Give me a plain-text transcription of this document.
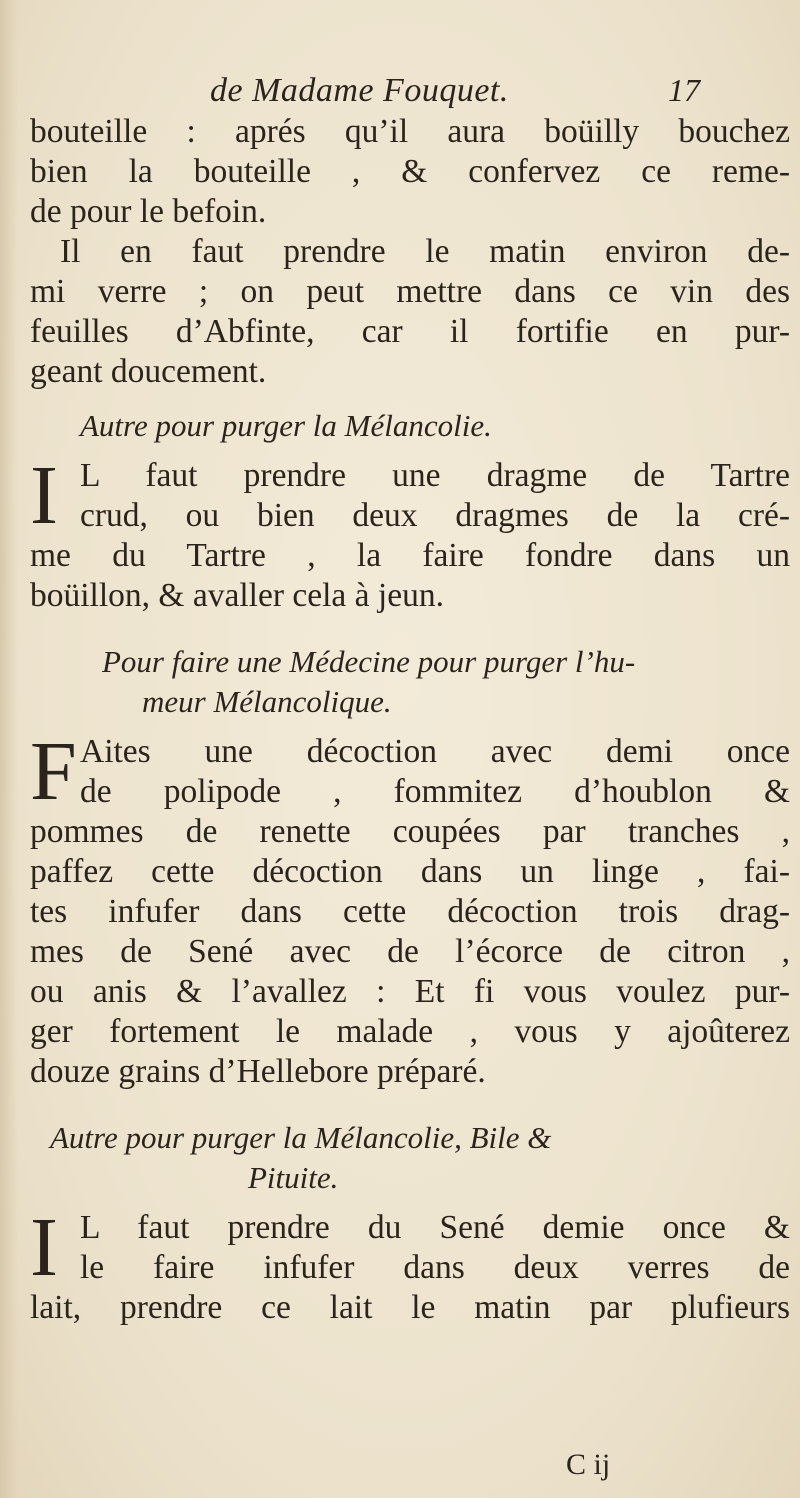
de Madame Fouquet.	17
bouteille : aprés qu’il aura boüilly bouchez
bien la bouteille , & confervez ce reme-
de pour le befoin.
Il en faut prendre le matin environ de-
mi verre ; on peut mettre dans ce vin des
feuilles d’Abfinte, car il fortifie en pur-
geant doucement.
Autre pour purger la Mélancolie.
I L faut prendre une dragme de Tartre
crud, ou bien deux dragmes de la cré-
me du Tartre , la faire fondre dans un
boüillon, & avaller cela à jeun.
Pour faire une Médecine pour purger l’hu-
meur Mélancolique.
F Aites une décoction avec demi once
de polipode , fommitez d’houblon &
pommes de renette coupées par tranches ,
paffez cette décoction dans un linge , fai-
tes infufer dans cette décoction trois drag-
mes de Sené avec de l’écorce de citron ,
ou anis & l’avallez : Et fi vous voulez pur-
ger fortement le malade , vous y ajoûterez
douze grains d’Hellebore préparé.
Autre pour purger la Mélancolie, Bile &
Pituite.
I L faut prendre du Sené demie once &
le faire infufer dans deux verres de
lait, prendre ce lait le matin par plufieurs
C ij
